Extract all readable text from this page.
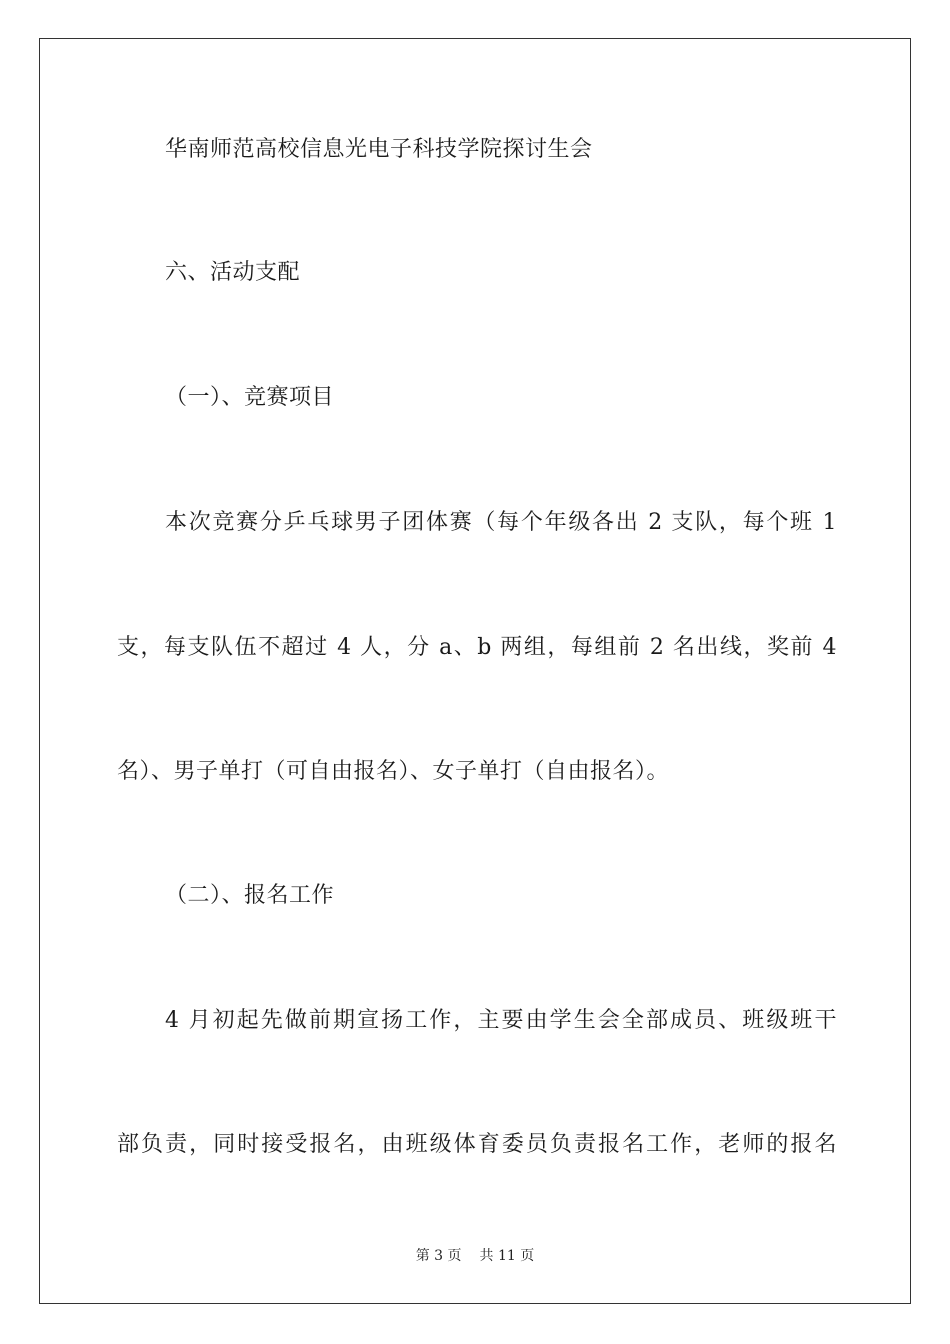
华南师范高校信息光电子科技学院探讨生会
六、活动支配
（一）、竞赛项目
本次竞赛分乒乓球男子团体赛（每个年级各出 2 支队，每个班 1
支，每支队伍不超过 4 人，分 a、b 两组，每组前 2 名出线，奖前 4
名）、男子单打（可自由报名）、女子单打（自由报名）。
（二）、报名工作
4 月初起先做前期宣扬工作，主要由学生会全部成员、班级班干
部负责，同时接受报名，由班级体育委员负责报名工作，老师的报名
第 3 页 共 11 页
